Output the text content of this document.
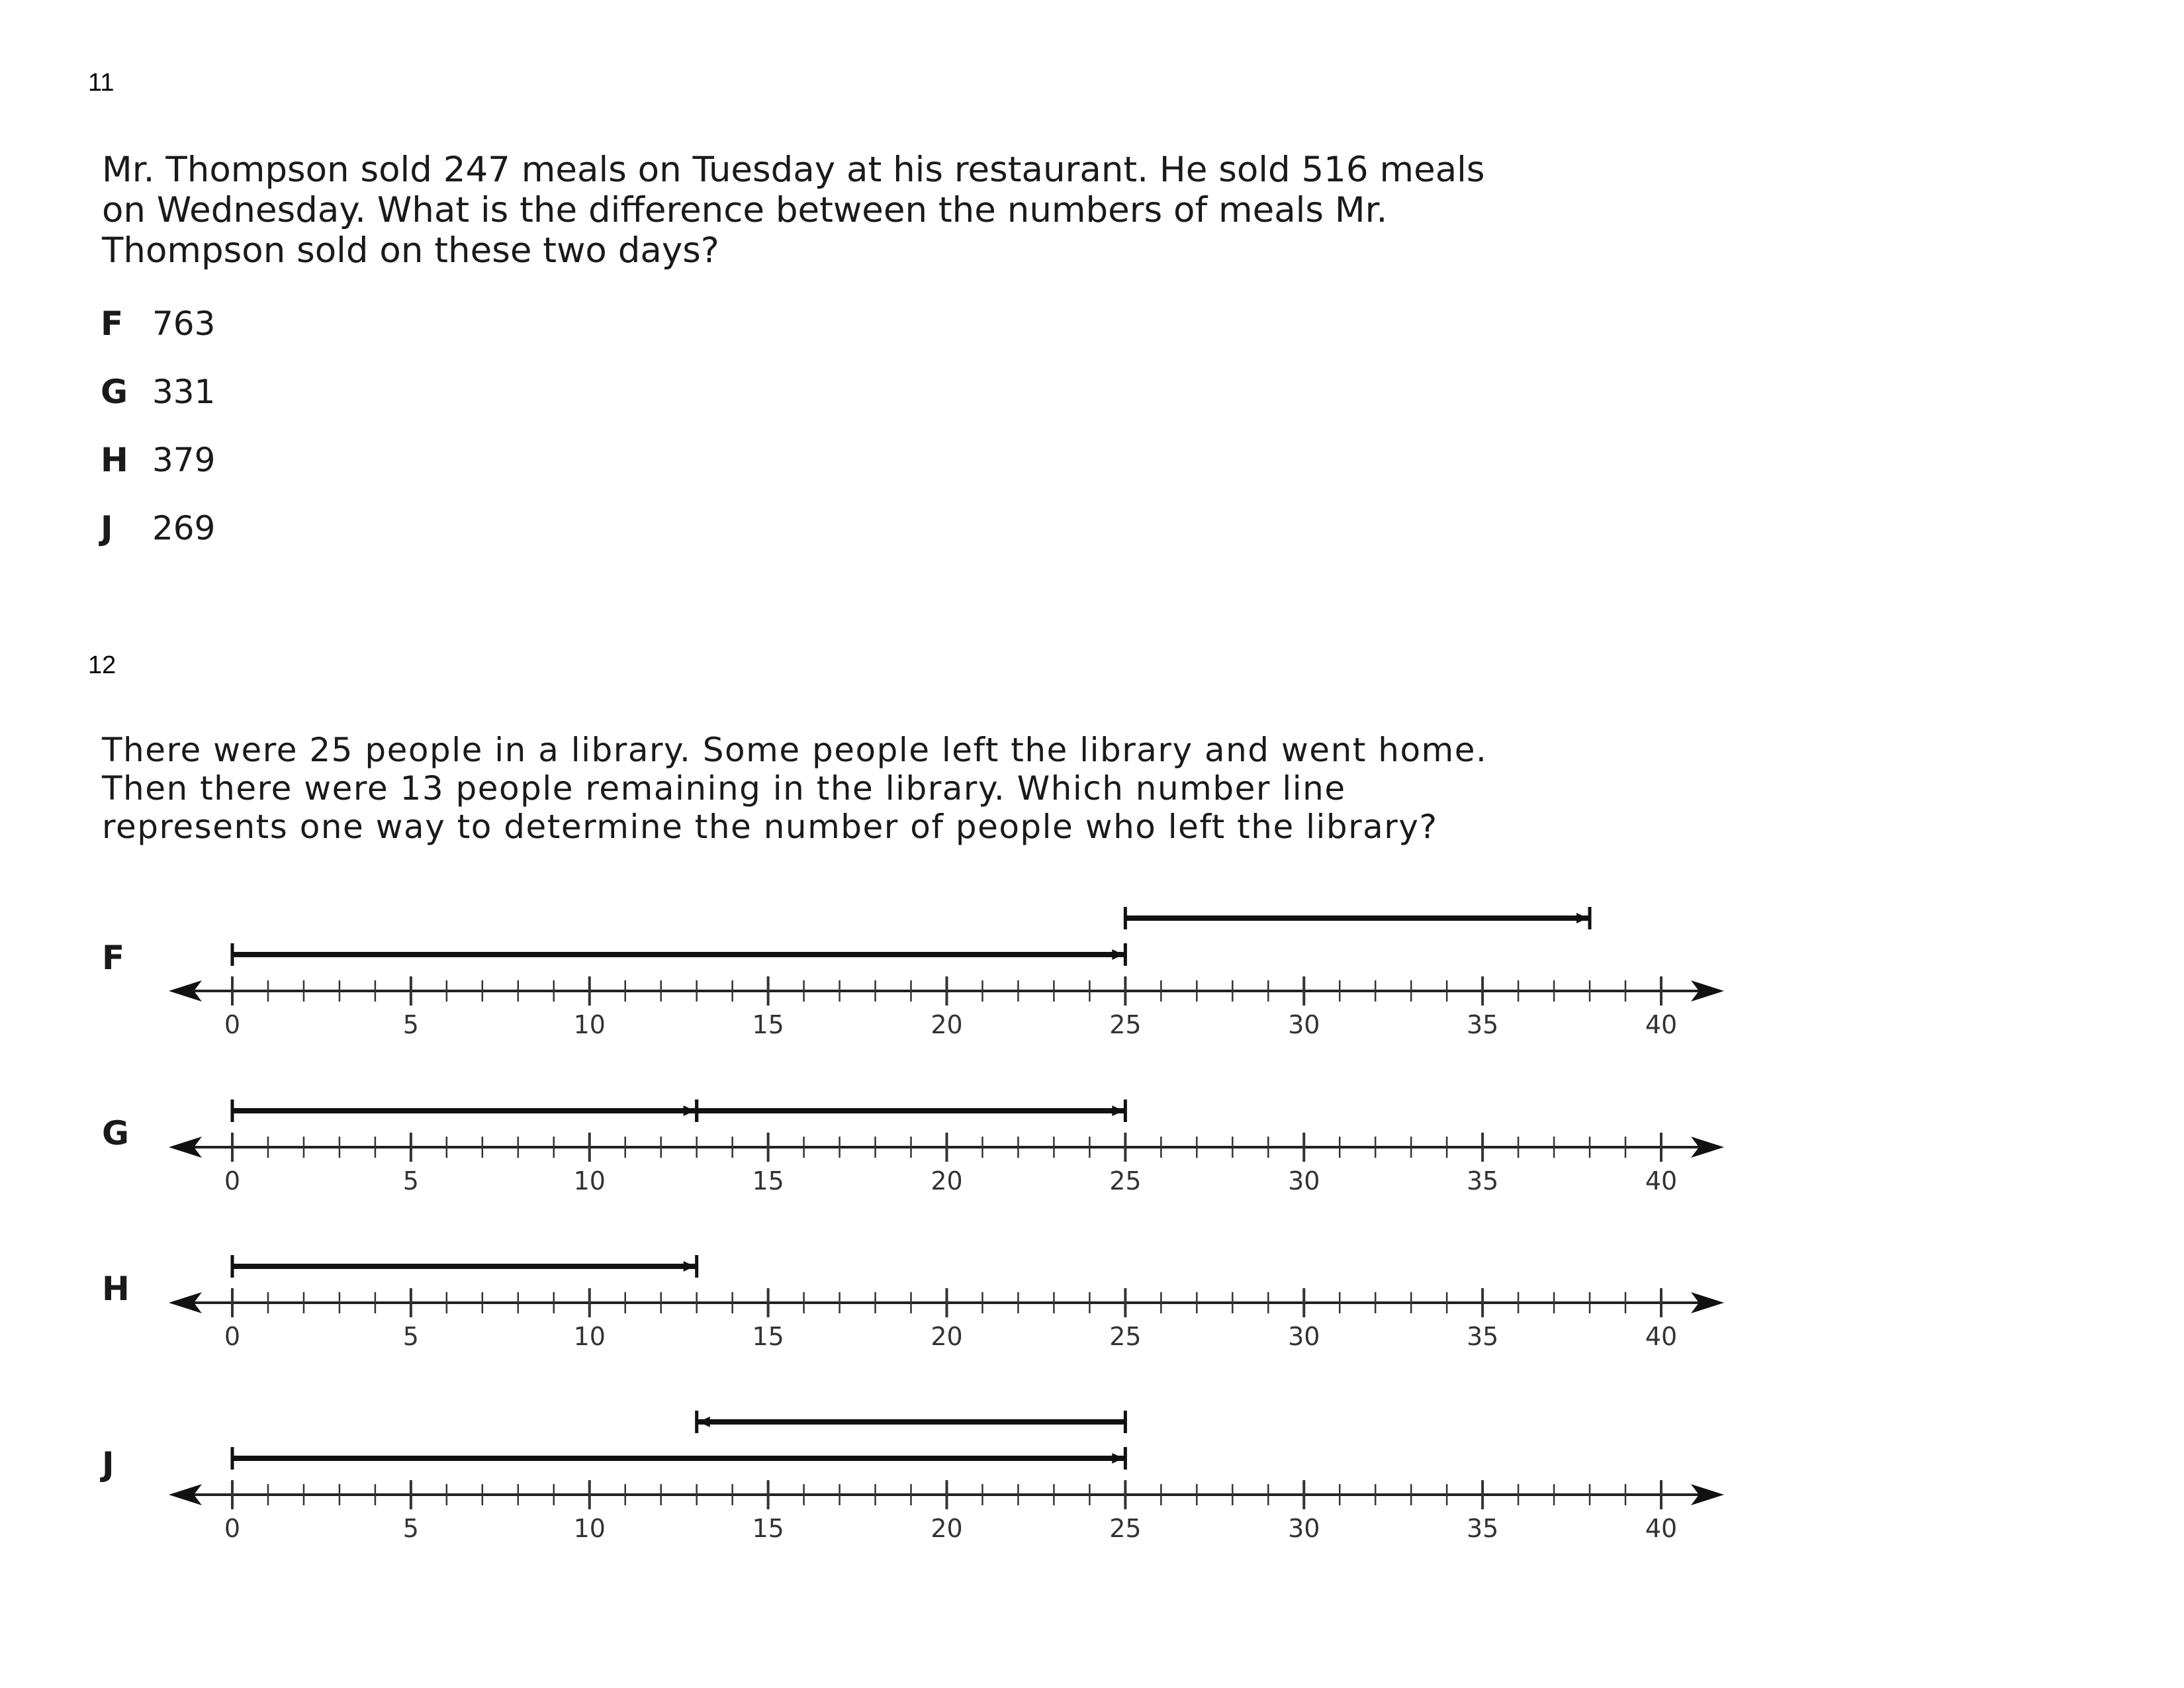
11
Mr. Thompson sold 247 meals on Tuesday at his restaurant. He sold 516 meals
on Wednesday. What is the difference between the numbers of meals Mr.
Thompson sold on these two days?
F 763
G 331
H 379
J 269
12
There were 25 people in a library. Some people left the library and went home.
Then there were 13 people remaining in the library. Which number line
represents one way to determine the number of people who left the library?
F
G
H
J
0	5	10	15	20	25	30	35	40
0	5	10	15	20	25	30	35	40
0	5	10	15	20	25	30	35	40
0	5	10	15	20	25	30	35	40
